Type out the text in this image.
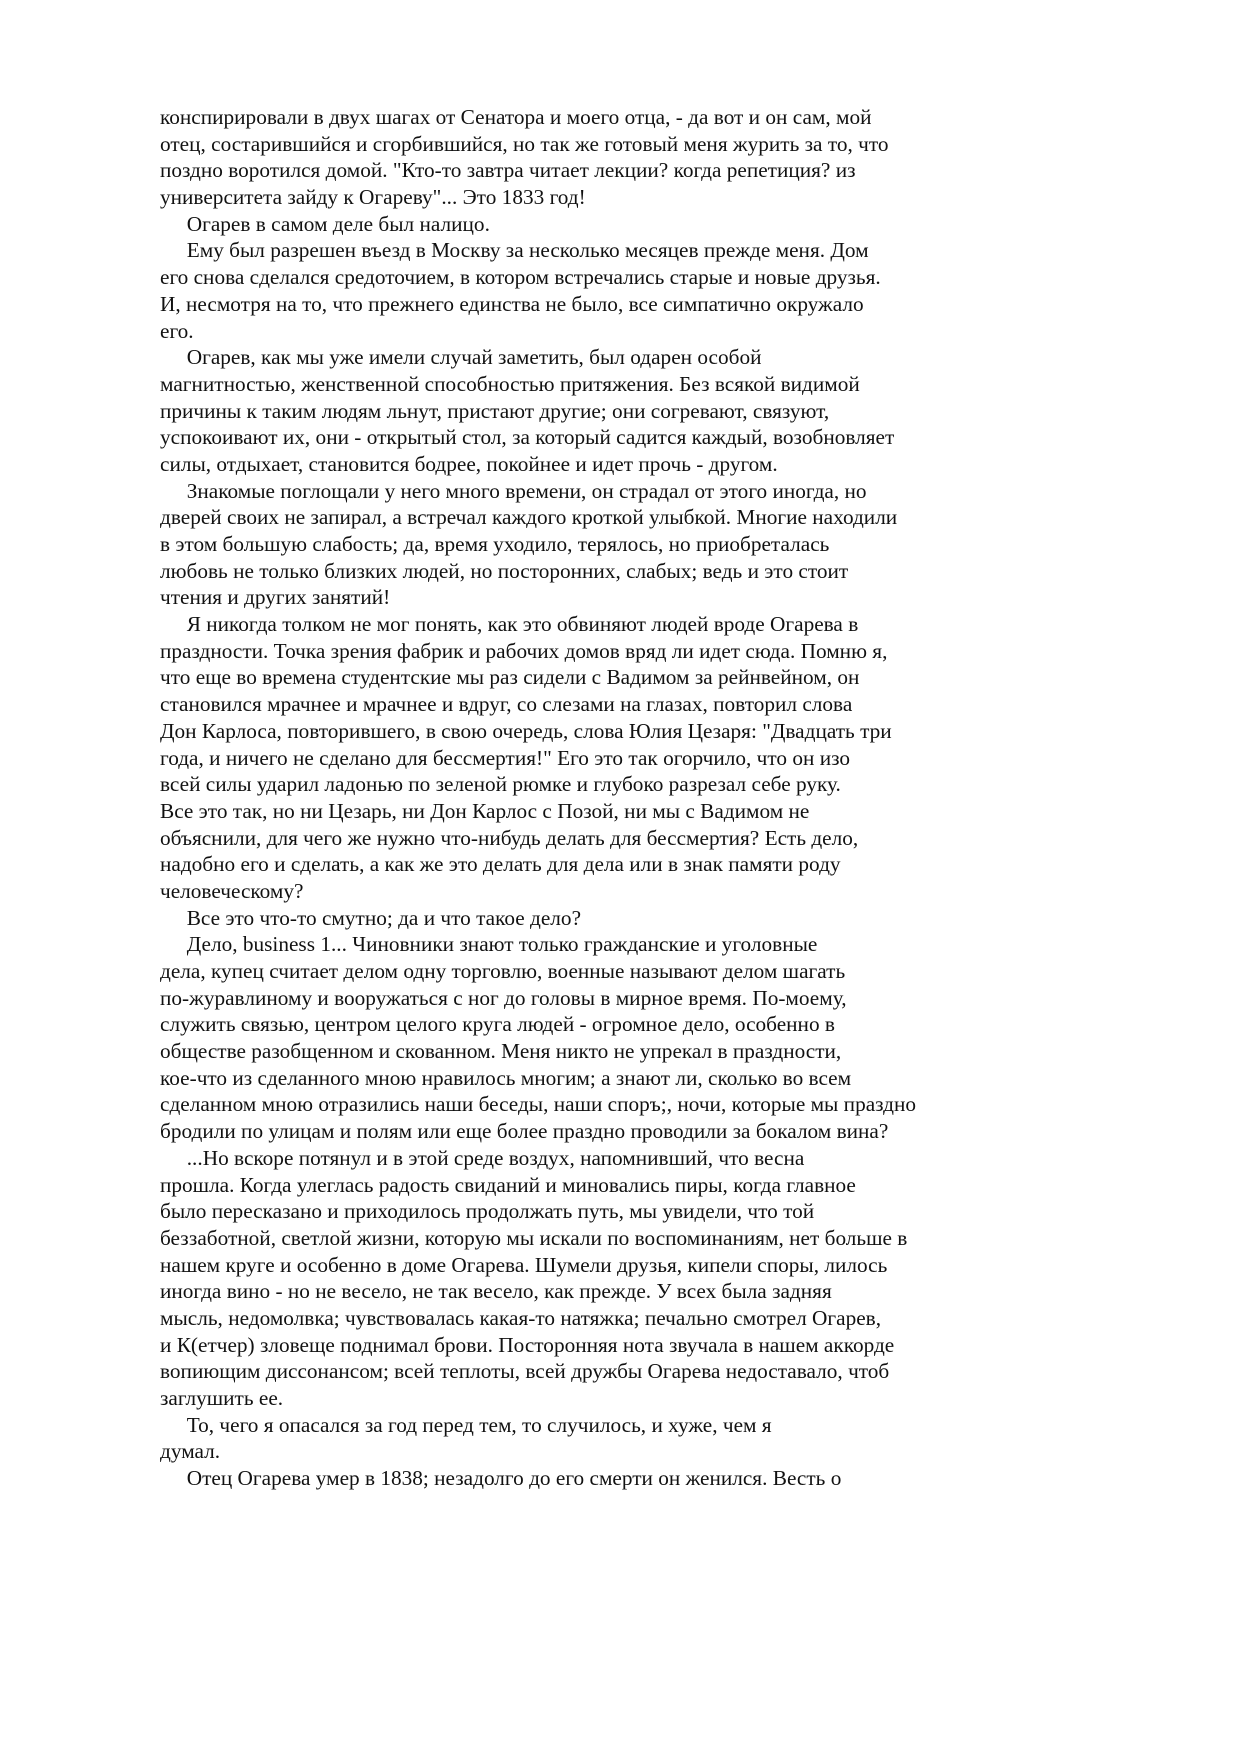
конспирировали в двух шагах от Сенатора и моего отца, - да вот и он сам, мой
отец, состарившийся и сгорбившийся, но так же готовый меня журить за то, что
поздно воротился домой. "Кто-то завтра читает лекции? когда репетиция? из
университета зайду к Огареву"... Это 1833 год!
Огарев в самом деле был налицо.
Ему был разрешен въезд в Москву за несколько месяцев прежде меня. Дом
его снова сделался средоточием, в котором встречались старые и новые друзья.
И, несмотря на то, что прежнего единства не было, все симпатично окружало
его.
Огарев, как мы уже имели случай заметить, был одарен особой
магнитностью, женственной способностью притяжения. Без всякой видимой
причины к таким людям льнут, пристают другие; они согревают, связуют,
успокоивают их, они - открытый стол, за который садится каждый, возобновляет
силы, отдыхает, становится бодрее, покойнее и идет прочь - другом.
Знакомые поглощали у него много времени, он страдал от этого иногда, но
дверей своих не запирал, а встречал каждого кроткой улыбкой. Многие находили
в этом большую слабость; да, время уходило, терялось, но приобреталась
любовь не только близких людей, но посторонних, слабых; ведь и это стоит
чтения и других занятий!
Я никогда толком не мог понять, как это обвиняют людей вроде Огарева в
праздности. Точка зрения фабрик и рабочих домов вряд ли идет сюда. Помню я,
что еще во времена студентские мы раз сидели с Вадимом за рейнвейном, он
становился мрачнее и мрачнее и вдруг, со слезами на глазах, повторил слова
Дон Карлоса, повторившего, в свою очередь, слова Юлия Цезаря: "Двадцать три
года, и ничего не сделано для бессмертия!" Его это так огорчило, что он изо
всей силы ударил ладонью по зеленой рюмке и глубоко разрезал себе руку.
Все это так, но ни Цезарь, ни Дон Карлос с Позой, ни мы с Вадимом не
объяснили, для чего же нужно что-нибудь делать для бессмертия? Есть дело,
надобно его и сделать, а как же это делать для дела или в знак памяти роду
человеческому?
Все это что-то смутно; да и что такое дело?
Дело, business 1... Чиновники знают только гражданские и уголовные
дела, купец считает делом одну торговлю, военные называют делом шагать
по-журавлиному и вооружаться с ног до головы в мирное время. По-моему,
служить связью, центром целого круга людей - огромное дело, особенно в
обществе разобщенном и скованном. Меня никто не упрекал в праздности,
кое-что из сделанного мною нравилось многим; а знают ли, сколько во всем
сделанном мною отразились наши беседы, наши споръ;, ночи, которые мы праздно
бродили по улицам и полям или еще более праздно проводили за бокалом вина?
...Но вскоре потянул и в этой среде воздух, напомнивший, что весна
прошла. Когда улеглась радость свиданий и миновались пиры, когда главное
было пересказано и приходилось продолжать путь, мы увидели, что той
беззаботной, светлой жизни, которую мы искали по воспоминаниям, нет больше в
нашем круге и особенно в доме Огарева. Шумели друзья, кипели споры, лилось
иногда вино - но не весело, не так весело, как прежде. У всех была задняя
мысль, недомолвка; чувствовалась какая-то натяжка; печально смотрел Огарев,
и К(етчер) зловеще поднимал брови. Посторонняя нота звучала в нашем аккорде
вопиющим диссонансом; всей теплоты, всей дружбы Огарева недоставало, чтоб
заглушить ее.
То, чего я опасался за год перед тем, то случилось, и хуже, чем я
думал.
Отец Огарева умер в 1838; незадолго до его смерти он женился. Весть о
